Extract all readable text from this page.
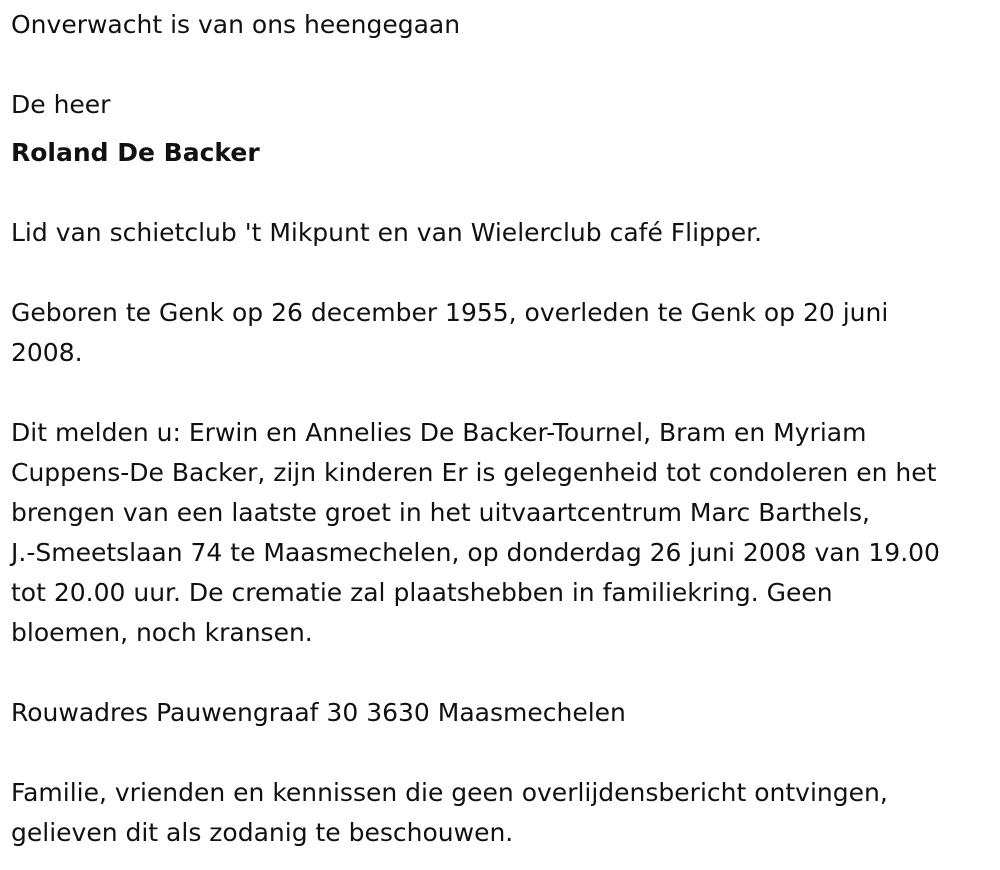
Onverwacht is van ons heengegaan

De heer

Roland De Backer

Lid van schietclub 't Mikpunt en van Wielerclub café Flipper.

Geboren te Genk op 26 december 1955, overleden te Genk op 20 juni

2008.

Dit melden u: Erwin en Annelies De Backer-Tournel, Bram en Myriam

Cuppens-De Backer, zijn kinderen Er is gelegenheid tot condoleren en het

brengen van een laatste groet in het uitvaartcentrum Marc Barthels,

J.-Smeetslaan 74 te Maasmechelen, op donderdag 26 juni 2008 van 19.00

tot 20.00 uur. De crematie zal plaatshebben in familiekring. Geen

bloemen, noch kransen.

Rouwadres Pauwengraaf 30 3630 Maasmechelen

Familie, vrienden en kennissen die geen overlijdensbericht ontvingen,

gelieven dit als zodanig te beschouwen.
